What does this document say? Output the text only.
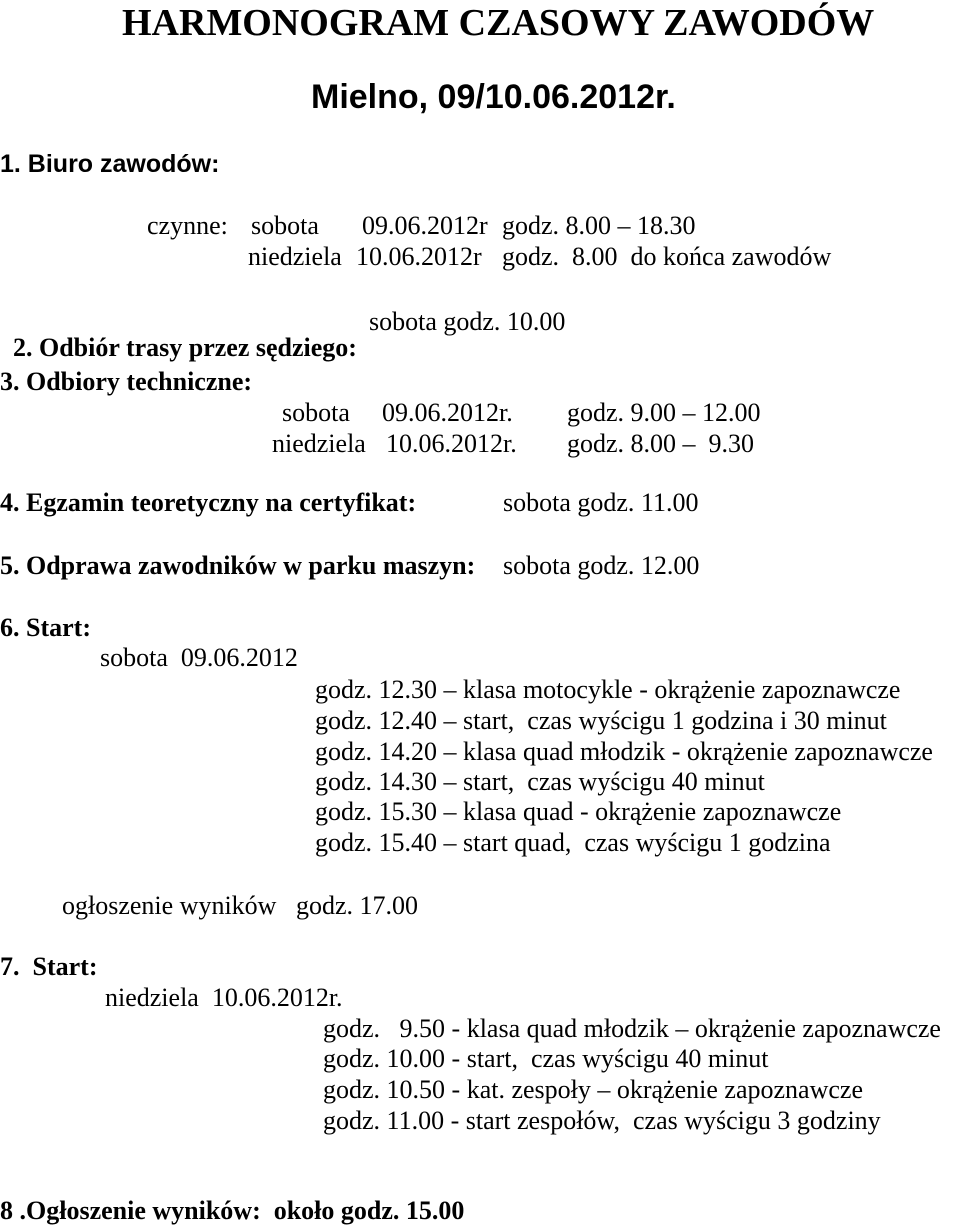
HARMONOGRAM CZASOWY ZAWODÓW
Mielno, 09/10.06.2012r.
1. Biuro zawodów:
czynne: sobota 09.06.2012r godz. 8.00 – 18.30
niedziela 10.06.2012r godz.  8.00  do końca zawodów

2. Odbiór trasy przez sędziego:

sobota godz. 10.00

3. Odbiory techniczne:
sobota 09.06.2012r. godz. 9.00 – 12.00
niedziela 10.06.2012r. godz. 8.00 –  9.30
4. Egzamin teoretyczny na certyfikat:	sobota godz. 11.00
5. Odprawa zawodników w parku maszyn: sobota godz. 12.00
6. Start:
sobota  09.06.2012
godz. 12.30 – klasa motocykle - okrążenie zapoznawcze
godz. 12.40 – start,  czas wyścigu 1 godzina i 30 minut
godz. 14.20 – klasa quad młodzik - okrążenie zapoznawcze
godz. 14.30 – start,  czas wyścigu 40 minut
godz. 15.30 – klasa quad - okrążenie zapoznawcze
godz. 15.40 – start quad,  czas wyścigu 1 godzina
ogłoszenie wyników   godz. 17.00
7.  Start:
niedziela  10.06.2012r.
godz.   9.50 - klasa quad młodzik – okrążenie zapoznawcze
godz. 10.00 - start,  czas wyścigu 40 minut
godz. 10.50 - kat. zespoły – okrążenie zapoznawcze
godz. 11.00 - start zespołów,  czas wyścigu 3 godziny
8 .Ogłoszenie wyników:  około godz. 15.00
